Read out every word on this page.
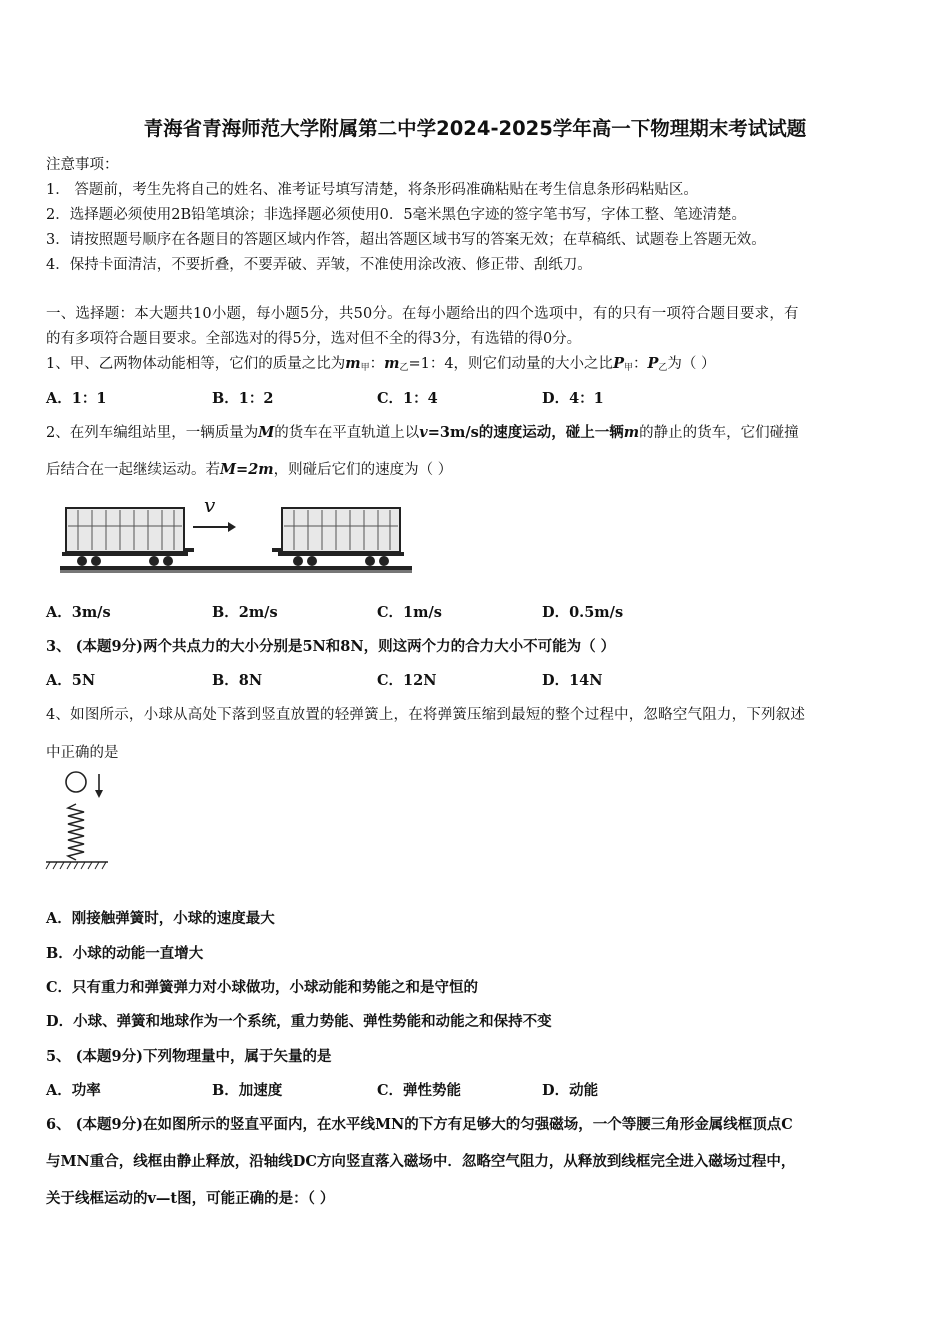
青海省青海师范大学附属第二中学2024-2025学年高一下物理期末考试试题
注意事项：
1． 答题前，考生先将自己的姓名、准考证号填写清楚，将条形码准确粘贴在考生信息条形码粘贴区。
2．选择题必须使用2B铅笔填涂；非选择题必须使用0．5毫米黑色字迹的签字笔书写，字体工整、笔迹清楚。
3．请按照题号顺序在各题目的答题区域内作答，超出答题区域书写的答案无效；在草稿纸、试题卷上答题无效。
4．保持卡面清洁，不要折叠，不要弄破、弄皱，不准使用涂改液、修正带、刮纸刀。
一、选择题：本大题共10小题，每小题5分，共50分。在每小题给出的四个选项中，有的只有一项符合题目要求，有
的有多项符合题目要求。全部选对的得5分，选对但不全的得3分，有选错的得0分。
1、甲、乙两物体动能相等，它们的质量之比为$m_甲$：$m_乙=1$：4，则它们动量的大小之比$P_甲$：$P_乙$为（ ）
A．1：1	B．1：2	C．1：4	D．4：1
2、在列车编组站里，一辆质量为M的货车在平直轨道上以v=3m/s的速度运动，碰上一辆m的静止的货车，它们碰撞
后结合在一起继续运动。若M=2m，则碰后它们的速度为（ ）
v
A．3m/s	B．2m/s	C．1m/s	D．0.5m/s
3、 (本题9分)两个共点力的大小分别是5N和8N，则这两个力的合力大小不可能为（ ）
A．5N	B．8N	C．12N	D．14N
4、如图所示，小球从高处下落到竖直放置的轻弹簧上，在将弹簧压缩到最短的整个过程中，忽略空气阻力，下列叙述
中正确的是
A．刚接触弹簧时，小球的速度最大
B．小球的动能一直增大
C．只有重力和弹簧弹力对小球做功，小球动能和势能之和是守恒的
D．小球、弹簧和地球作为一个系统，重力势能、弹性势能和动能之和保持不变
5、 (本题9分)下列物理量中，属于矢量的是
A．功率	B．加速度	C．弹性势能	D．动能
6、 (本题9分)在如图所示的竖直平面内，在水平线MN的下方有足够大的匀强磁场，一个等腰三角形金属线框顶点C
与MN重合，线框由静止释放，沿轴线DC方向竖直落入磁场中．忽略空气阻力，从释放到线框完全进入磁场过程中，
关于线框运动的v—t图，可能正确的是：（ ）
